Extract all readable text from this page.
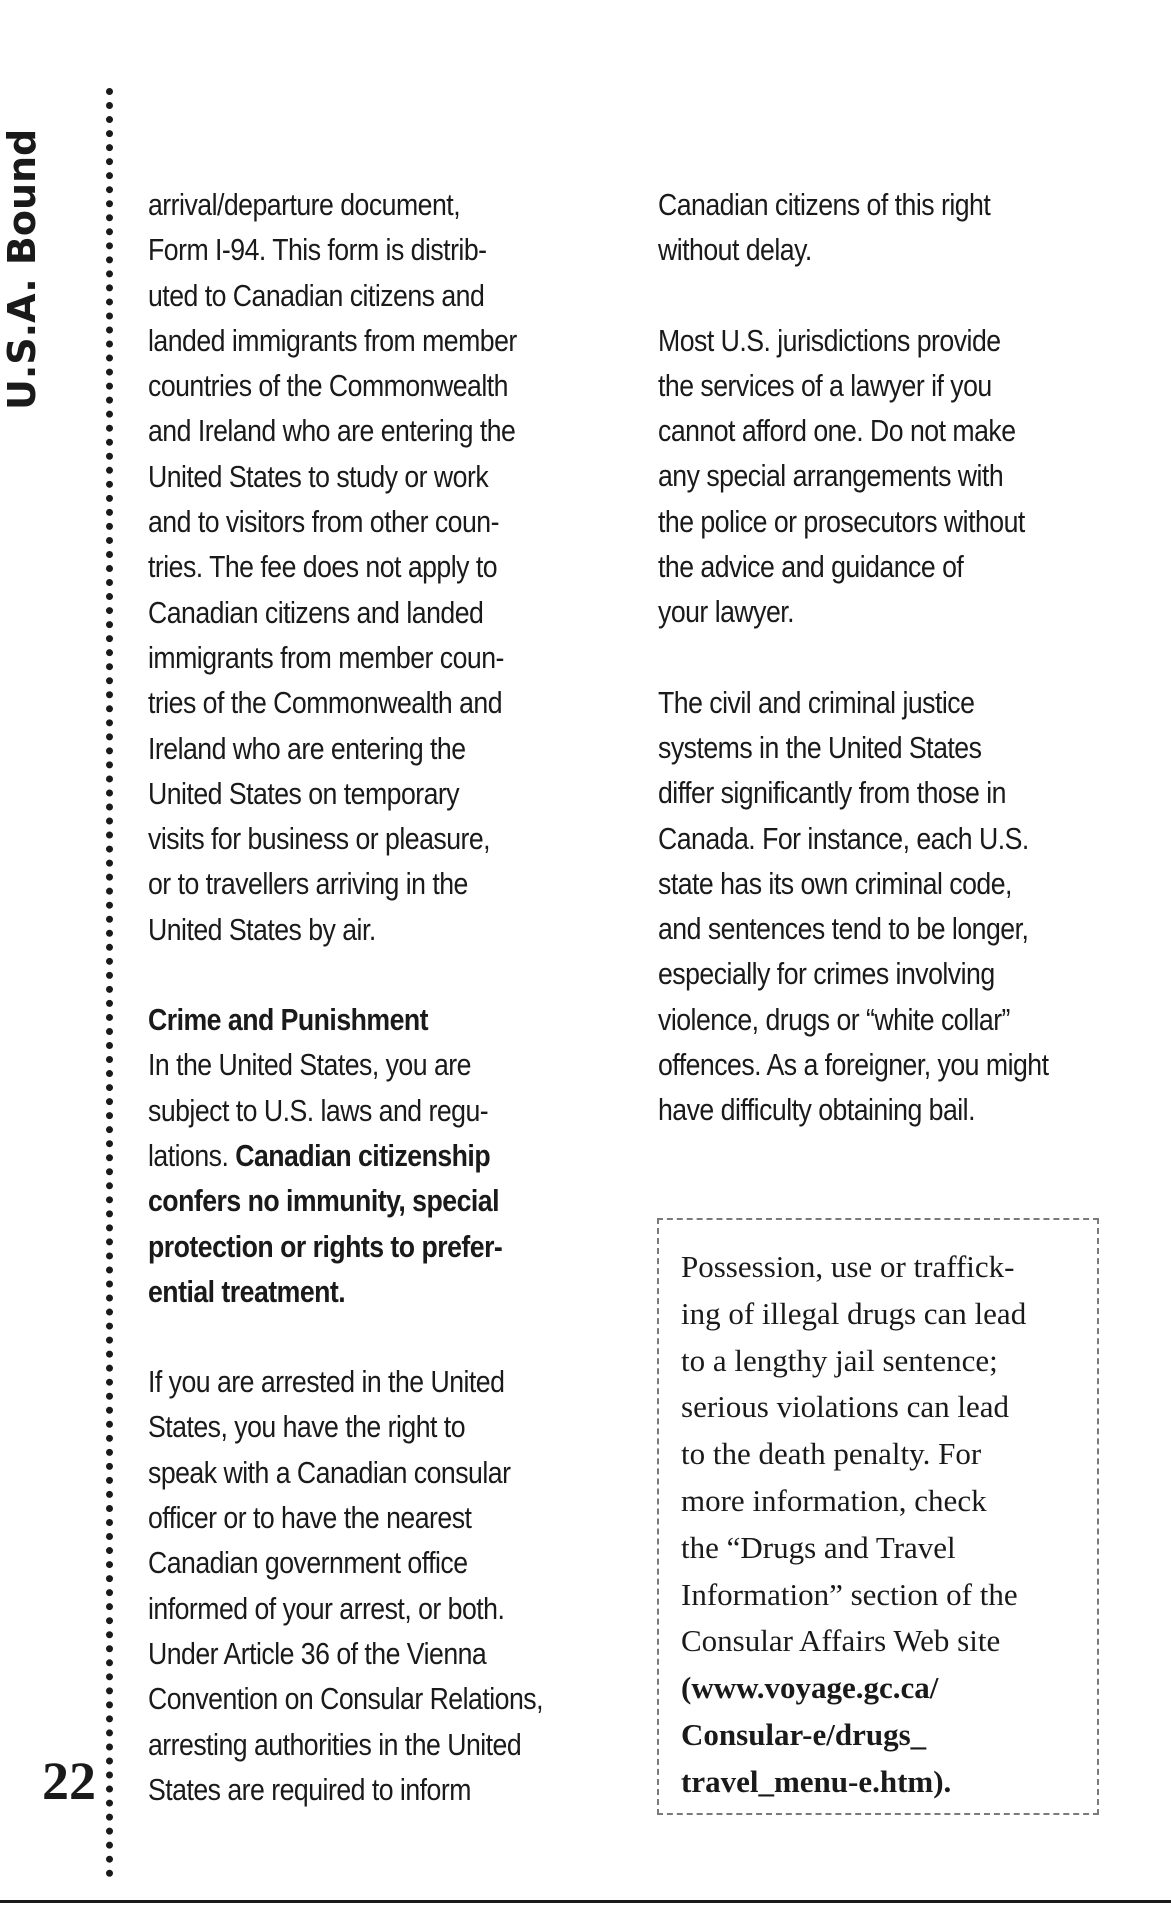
U.S.A. Bound
22

arrival/departure document,
Form I-94. This form is distrib-
uted to Canadian citizens and
landed immigrants from member
countries of the Commonwealth
and Ireland who are entering the
United States to study or work
and to visitors from other coun-
tries. The fee does not apply to
Canadian citizens and landed
immigrants from member coun-
tries of the Commonwealth and
Ireland who are entering the
United States on temporary
visits for business or pleasure,
or to travellers arriving in the
United States by air.

Crime and Punishment
In the United States, you are
subject to U.S. laws and regu-
lations. Canadian citizenship
confers no immunity, special
protection or rights to prefer-
ential treatment.

If you are arrested in the United
States, you have the right to
speak with a Canadian consular
officer or to have the nearest
Canadian government office
informed of your arrest, or both.
Under Article 36 of the Vienna
Convention on Consular Relations,
arresting authorities in the United
States are required to inform

Canadian citizens of this right
without delay.

Most U.S. jurisdictions provide
the services of a lawyer if you
cannot afford one. Do not make
any special arrangements with
the police or prosecutors without
the advice and guidance of
your lawyer.

The civil and criminal justice
systems in the United States
differ significantly from those in
Canada. For instance, each U.S.
state has its own criminal code,
and sentences tend to be longer,
especially for crimes involving
violence, drugs or “white collar”
offences. As a foreigner, you might
have difficulty obtaining bail.

Possession, use or traffick-
ing of illegal drugs can lead
to a lengthy jail sentence;
serious violations can lead
to the death penalty. For
more information, check
the “Drugs and Travel
Information” section of the
Consular Affairs Web site
(www.voyage.gc.ca/
Consular-e/drugs_
travel_menu-e.htm).
